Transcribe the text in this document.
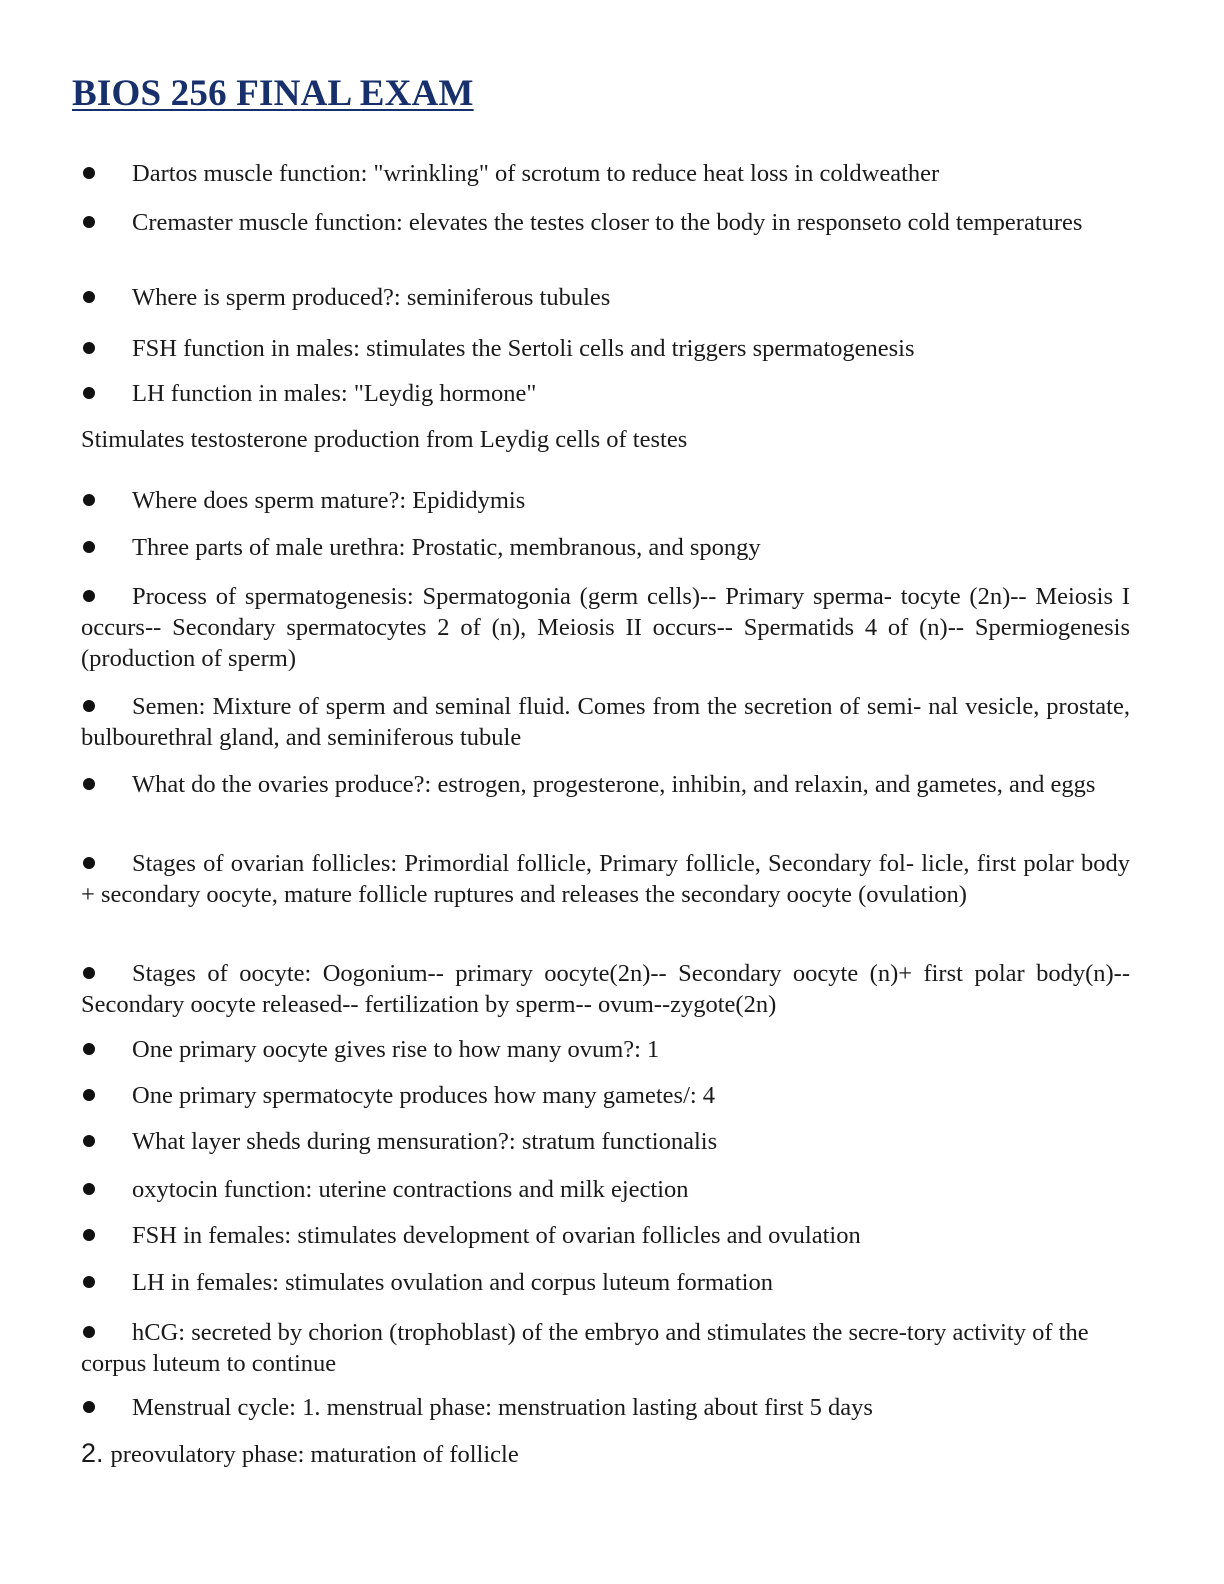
BIOS 256 FINAL EXAM

Dartos muscle function: "wrinkling" of scrotum to reduce heat loss in coldweather

Cremaster muscle function: elevates the testes closer to the body in responseto cold temperatures

Where is sperm produced?: seminiferous tubules

FSH function in males: stimulates the Sertoli cells and triggers spermatogenesis

LH function in males: "Leydig hormone"

Stimulates testosterone production from Leydig cells of testes

Where does sperm mature?: Epididymis

Three parts of male urethra: Prostatic, membranous, and spongy

Process of spermatogenesis: Spermatogonia (germ cells)-- Primary sperma- tocyte (2n)-- Meiosis I occurs-- Secondary spermatocytes 2 of (n), Meiosis II occurs-- Spermatids 4 of (n)-- Spermiogenesis (production of sperm)

Semen: Mixture of sperm and seminal fluid. Comes from the secretion of semi- nal vesicle, prostate, bulbourethral gland, and seminiferous tubule

What do the ovaries produce?: estrogen, progesterone, inhibin, and relaxin, and gametes, and eggs

Stages of ovarian follicles: Primordial follicle, Primary follicle, Secondary fol- licle, first polar body + secondary oocyte, mature follicle ruptures and releases the secondary oocyte (ovulation)

Stages of oocyte: Oogonium-- primary oocyte(2n)-- Secondary oocyte (n)+ first polar body(n)-- Secondary oocyte released-- fertilization by sperm-- ovum--zygote(2n)

One primary oocyte gives rise to how many ovum?: 1

One primary spermatocyte produces how many gametes/: 4

What layer sheds during mensuration?: stratum functionalis

oxytocin function: uterine contractions and milk ejection

FSH in females: stimulates development of ovarian follicles and ovulation

LH in females: stimulates ovulation and corpus luteum formation

hCG: secreted by chorion (trophoblast) of the embryo and stimulates the secre-tory activity of the corpus luteum to continue

Menstrual cycle: 1. menstrual phase: menstruation lasting about first 5 days

2. preovulatory phase: maturation of follicle
